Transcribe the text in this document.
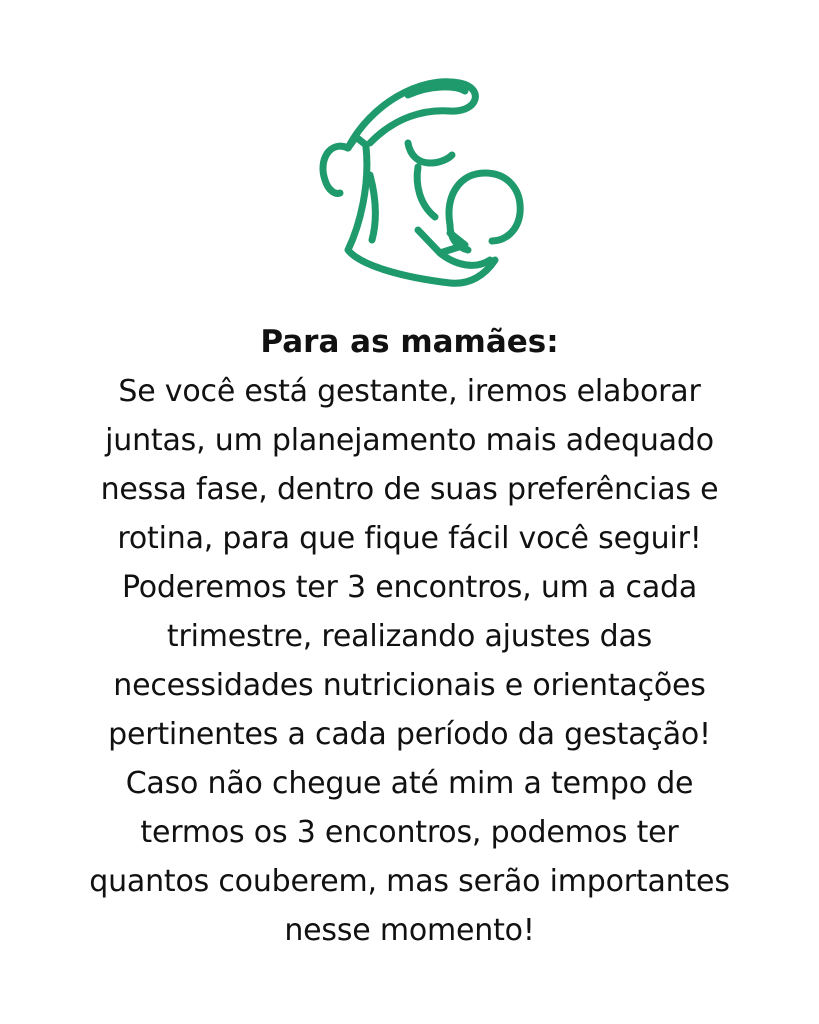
Para as mamães:

Se você está gestante, iremos elaborar
juntas, um planejamento mais adequado
nessa fase, dentro de suas preferências e
rotina, para que fique fácil você seguir!
Poderemos ter 3 encontros, um a cada
trimestre, realizando ajustes das
necessidades nutricionais e orientações
pertinentes a cada período da gestação!
Caso não chegue até mim a tempo de
termos os 3 encontros, podemos ter
quantos couberem, mas serão importantes
nesse momento!
